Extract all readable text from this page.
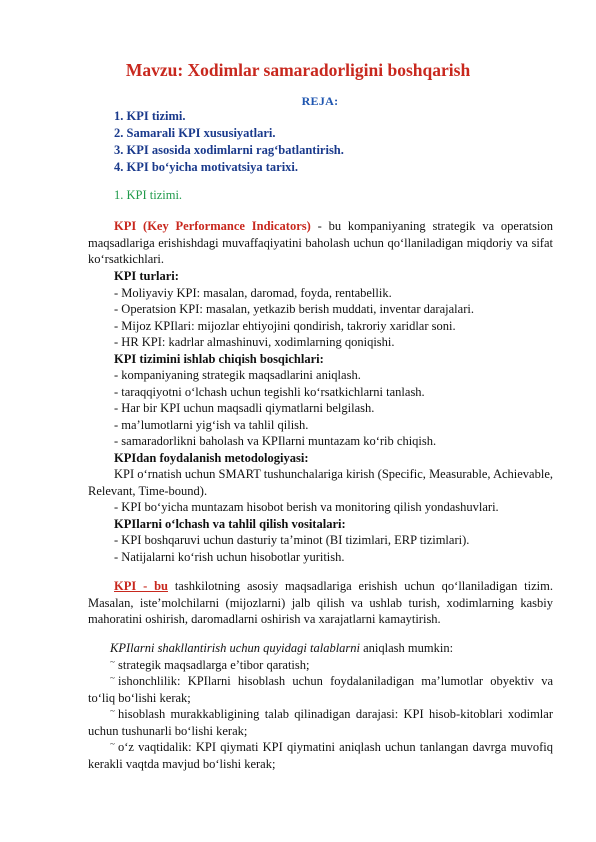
Mavzu: Xodimlar samaradorligini boshqarish
REJA:
1. KPI tizimi.
2. Samarali KPI xususiyatlari.
3. KPI asosida xodimlarni rag‘batlantirish.
4. KPI bo‘yicha motivatsiya tarixi.
1. KPI tizimi.

KPI (Key Performance Indicators) - bu kompaniyaning strategik va operatsion maqsadlariga erishishdagi muvaffaqiyatini baholash uchun qo‘llaniladigan miqdoriy va sifat ko‘rsatkichlari.

KPI turlari:
- Moliyaviy KPI: masalan, daromad, foyda, rentabellik.
- Operatsion KPI: masalan, yetkazib berish muddati, inventar darajalari.
- Mijoz KPIlari: mijozlar ehtiyojini qondirish, takroriy xaridlar soni.
- HR KPI: kadrlar almashinuvi, xodimlarning qoniqishi.
KPI tizimini ishlab chiqish bosqichlari:
- kompaniyaning strategik maqsadlarini aniqlash.
- taraqqiyotni o‘lchash uchun tegishli ko‘rsatkichlarni tanlash.
- Har bir KPI uchun maqsadli qiymatlarni belgilash.
- ma’lumotlarni yig‘ish va tahlil qilish.
- samaradorlikni baholash va KPIlarni muntazam ko‘rib chiqish.
KPIdan foydalanish metodologiyasi:

KPI o‘rnatish uchun SMART tushunchalariga kirish (Specific, Measurable, Achievable, Relevant, Time-bound).

- KPI bo‘yicha muntazam hisobot berish va monitoring qilish yondashuvlari.
KPIlarni o‘lchash va tahlil qilish vositalari:
- KPI boshqaruvi uchun dasturiy ta’minot (BI tizimlari, ERP tizimlari).
- Natijalarni ko‘rish uchun hisobotlar yuritish.

KPI - bu tashkilotning asosiy maqsadlariga erishish uchun qo‘llaniladigan tizim. Masalan, iste’molchilarni (mijozlarni) jalb qilish va ushlab turish, xodimlarning kasbiy mahoratini oshirish, daromadlarni oshirish va xarajatlarni kamaytirish.

KPIlarni shakllantirish uchun quyidagi talablarni aniqlash mumkin:
~ strategik maqsadlarga e’tibor qaratish;

~ ishonchlilik: KPIlarni hisoblash uchun foydalaniladigan ma’lumotlar obyektiv va to‘liq bo‘lishi kerak;

~ hisoblash murakkabligining talab qilinadigan darajasi: KPI hisob-kitoblari xodimlar uchun tushunarli bo‘lishi kerak;

~ o‘z vaqtidalik: KPI qiymati KPI qiymatini aniqlash uchun tanlangan davrga muvofiq kerakli vaqtda mavjud bo‘lishi kerak;
